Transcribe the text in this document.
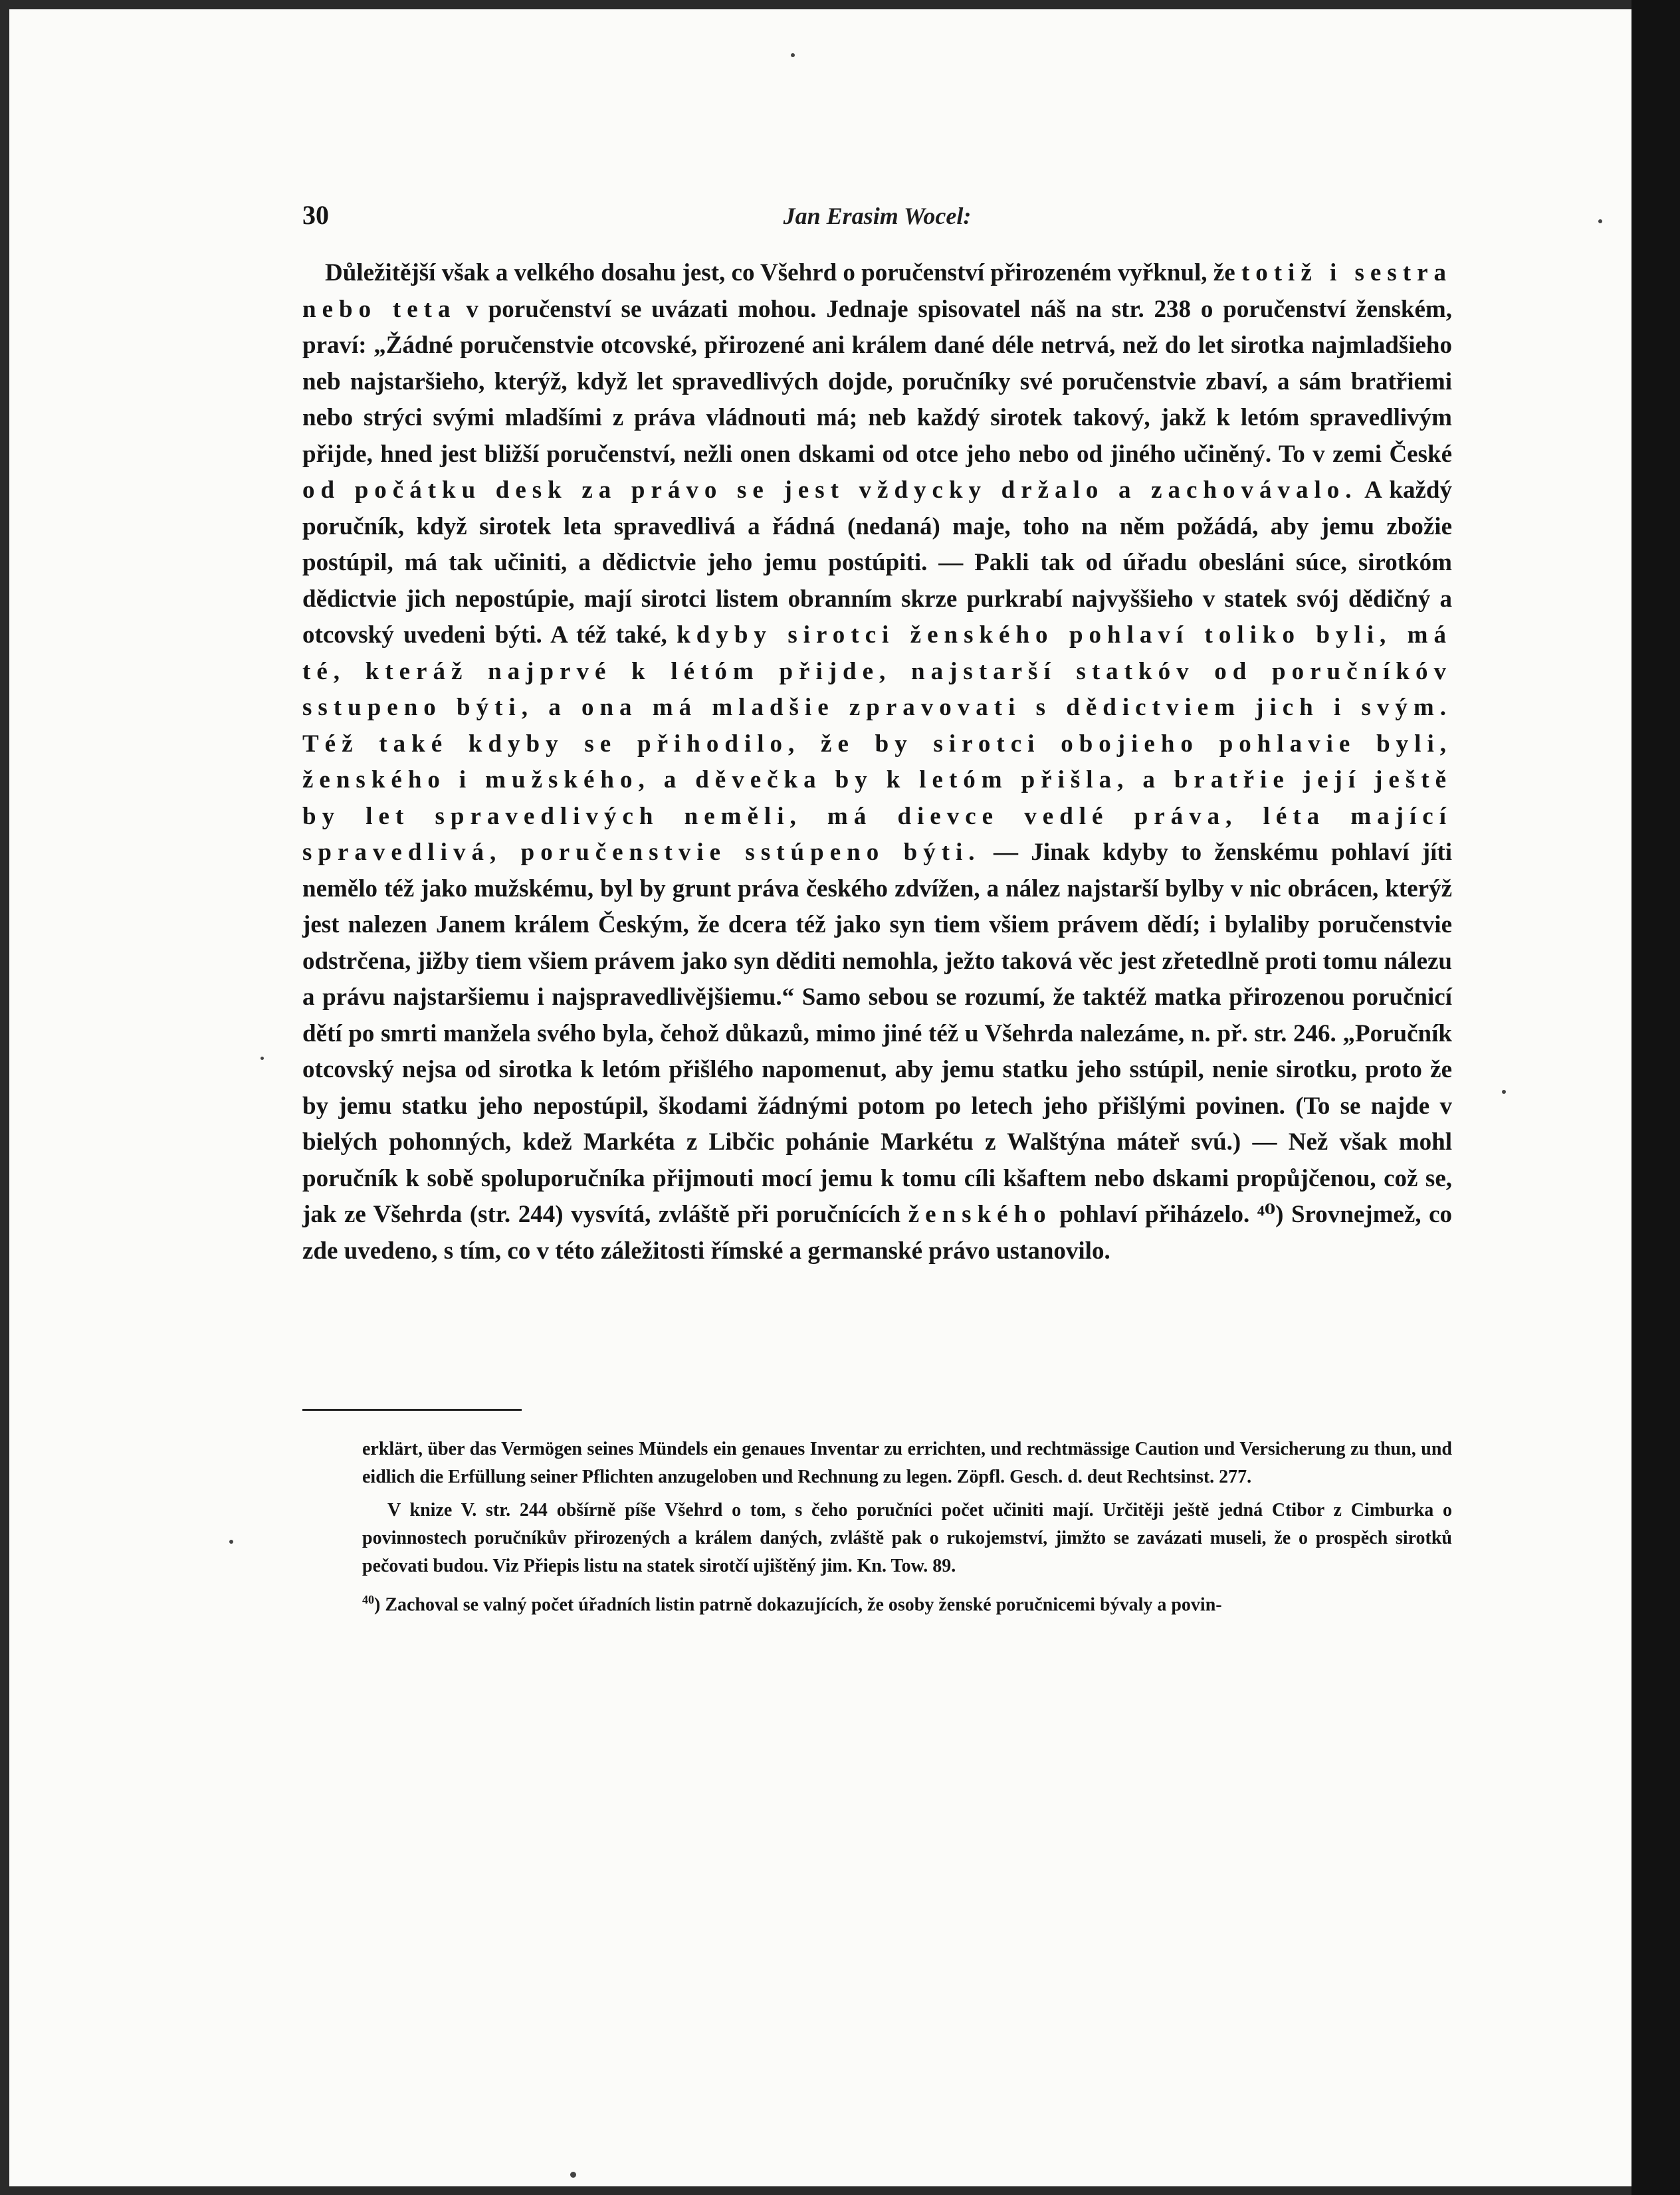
30	Jan Erasim Wocel:
Důležitější však a velkého dosahu jest, co Všehrd o poručenství přirozeném vyřknul, že totiž i sestra nebo teta v poručenství se uvázati mohou. Jednaje spisovatel náš na str. 238 o poručenství ženském, praví: „Žádné poručenstvie otcovské, přirozené ani králem dané déle netrvá, než do let sirotka najmladšieho neb najstaršieho, kterýž, když let spravedlivých dojde, poručníky své poručenstvie zbaví, a sám bratřiemi nebo strýci svými mladšími z práva vládnouti má; neb každý sirotek takový, jakž k letóm spravedlivým přijde, hned jest bližší poručenství, nežli onen dskami od otce jeho nebo od jiného učiněný. To v zemi České od počátku desk za právo se jest vždycky držalo a zachovávalo. A každý poručník, když sirotek leta spravedlivá a řádná (nedaná) maje, toho na něm požádá, aby jemu zbožie postúpil, má tak učiniti, a dědictvie jeho jemu postúpiti. — Pakli tak od úřadu obesláni súce, sirotkóm dědictvie jich nepostúpie, mají sirotci listem obranním skrze purkrabí najvyššieho v statek svój dědičný a otcovský uvedeni býti. A též také, kdyby sirotci ženského pohlaví toliko byli, má té, kteráž najprvé k létóm přijde, najstarší statkóv od poručníkóv sstupeno býti, a ona má mladšie zpravovati s dědictviem jich i svým. Též také kdyby se přihodilo, že by sirotci obojieho pohlavie byli, ženského i mužského, a děvečka by k letóm přišla, a bratřie její ještě by let spravedlivých neměli, má dievce vedlé práva, léta mající spravedlivá, poručenstvie sstúpeno býti. — Jinak kdyby to ženskému pohlaví jíti nemělo též jako mužskému, byl by grunt práva českého zdvížen, a nález najstarší bylby v nic obrácen, kterýž jest nalezen Janem králem Českým, že dcera též jako syn tiem všiem právem dědí; i bylaliby poručenstvie odstrčena, jižby tiem všiem právem jako syn děditi nemohla, ježto taková věc jest zřetedlně proti tomu nálezu a právu najstaršiemu i najspravedlivějšiemu.“ Samo sebou se rozumí, že taktéž matka přirozenou poručnicí dětí po smrti manžela svého byla, čehož důkazů, mimo jiné též u Všehrda nalezáme, n. př. str. 246. „Poručník otcovský nejsa od sirotka k letóm přišlého napomenut, aby jemu statku jeho sstúpil, nenie sirotku, proto že by jemu statku jeho nepostúpil, škodami žádnými potom po letech jeho přišlými povinen. (To se najde v bielých pohonných, kdež Markéta z Libčic pohánie Markétu z Walštýna máteř svú.) — Než však mohl poručník k sobě spoluporučníka přijmouti mocí jemu k tomu cíli kšaftem nebo dskami propůjčenou, což se, jak ze Všehrda (str. 244) vysvítá, zvláště při poručnících ženského pohlaví přiházelo. ⁴⁰) Srovnejmež, co zde uvedeno, s tím, co v této záležitosti římské a germanské právo ustanovilo.

erklärt, über das Vermögen seines Mündels ein genaues Inventar zu errichten, und rechtmässige Caution und Versicherung zu thun, und eidlich die Erfüllung seiner Pflichten anzugeloben und Rechnung zu legen. Zöpfl. Gesch. d. deut Rechtsinst. 277.

V knize V. str. 244 obšírně píše Všehrd o tom, s čeho poručníci počet učiniti mají. Určitěji ještě jedná Ctibor z Cimburka o povinnostech poručníkův přirozených a králem daných, zvláště pak o rukojemství, jimžto se zavázati museli, že o prospěch sirotků pečovati budou. Viz Přiepis listu na statek sirotčí ujištěný jim. Kn. Tow. 89.

$^{40}$) Zachoval se valný počet úřadních listin patrně dokazujících, že osoby ženské poručnicemi bývaly a povin-
